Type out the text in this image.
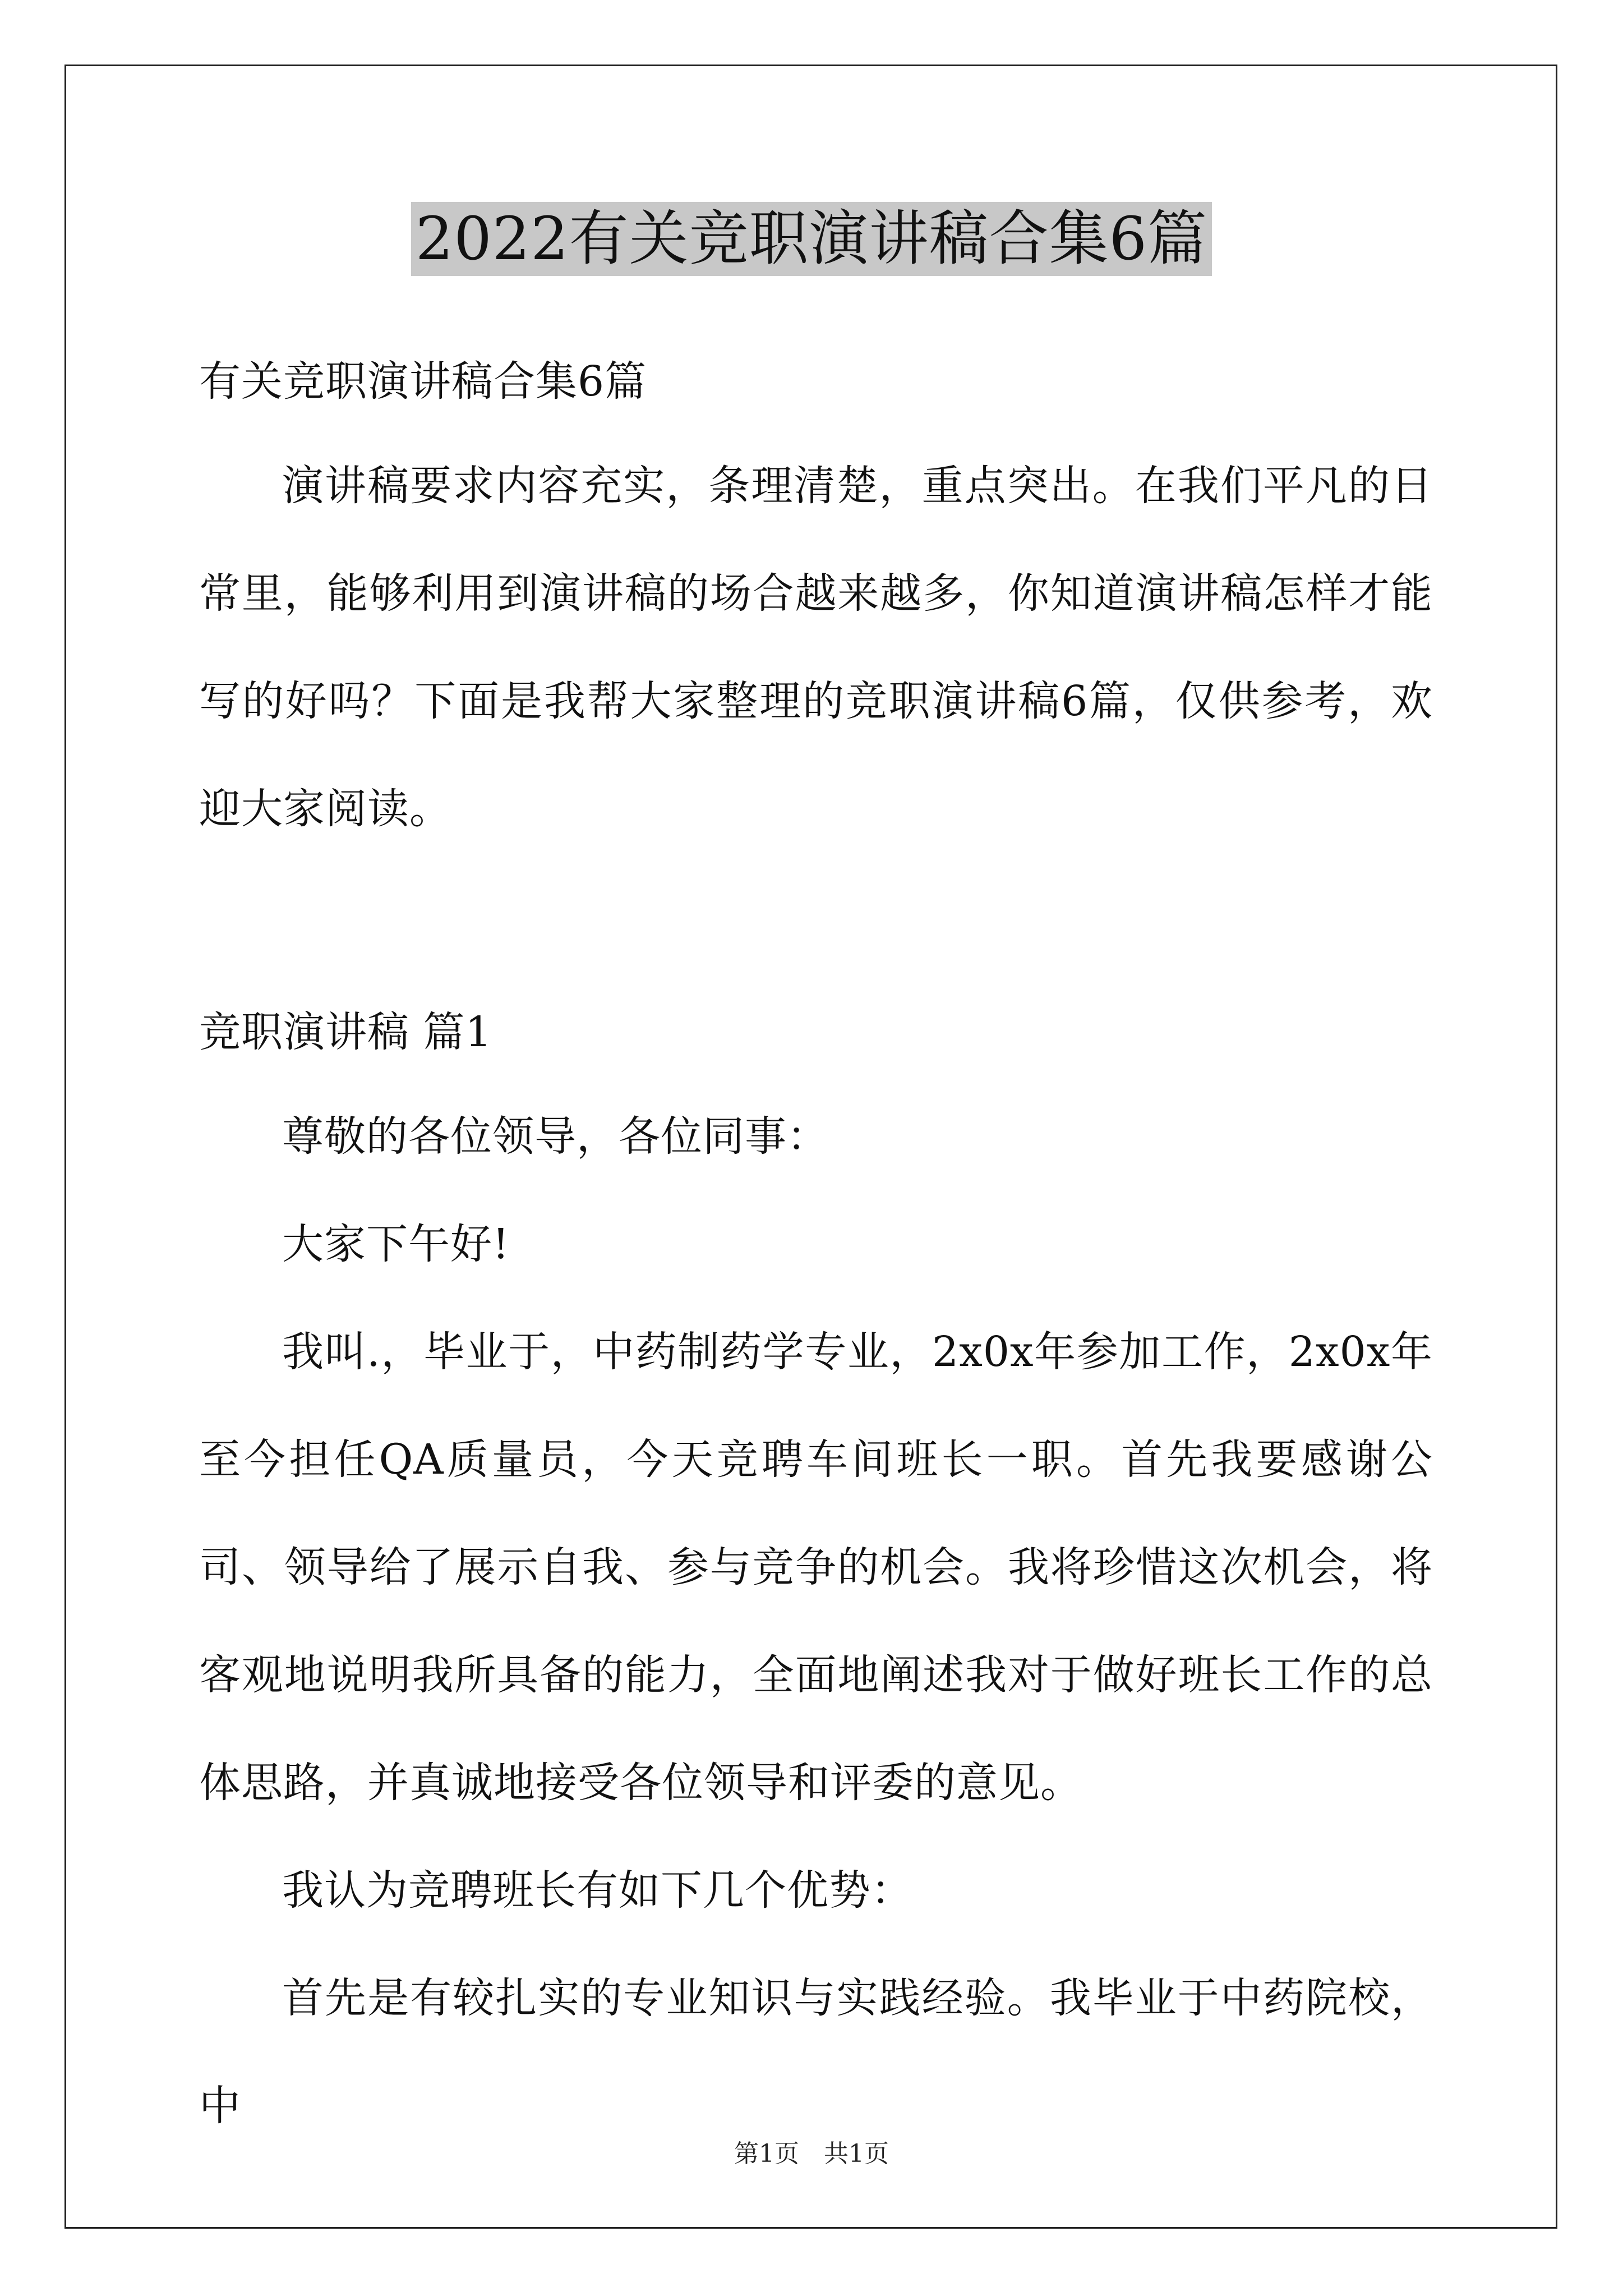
2022有关竞职演讲稿合集6篇
有关竞职演讲稿合集6篇
演讲稿要求内容充实，条理清楚，重点突出。在我们平凡的日常里，能够利用到演讲稿的场合越来越多，你知道演讲稿怎样才能写的好吗？下面是我帮大家整理的竞职演讲稿6篇，仅供参考，欢迎大家阅读。
竞职演讲稿 篇1
尊敬的各位领导，各位同事：
大家下午好!
我叫.，毕业于，中药制药学专业，2x0x年参加工作，2x0x年至今担任QA质量员，今天竞聘车间班长一职。首先我要感谢公司、领导给了展示自我、参与竞争的机会。我将珍惜这次机会，将客观地说明我所具备的能力，全面地阐述我对于做好班长工作的总体思路，并真诚地接受各位领导和评委的意见。
我认为竞聘班长有如下几个优势：
首先是有较扎实的专业知识与实践经验。我毕业于中药院校，中
第1页　共1页
